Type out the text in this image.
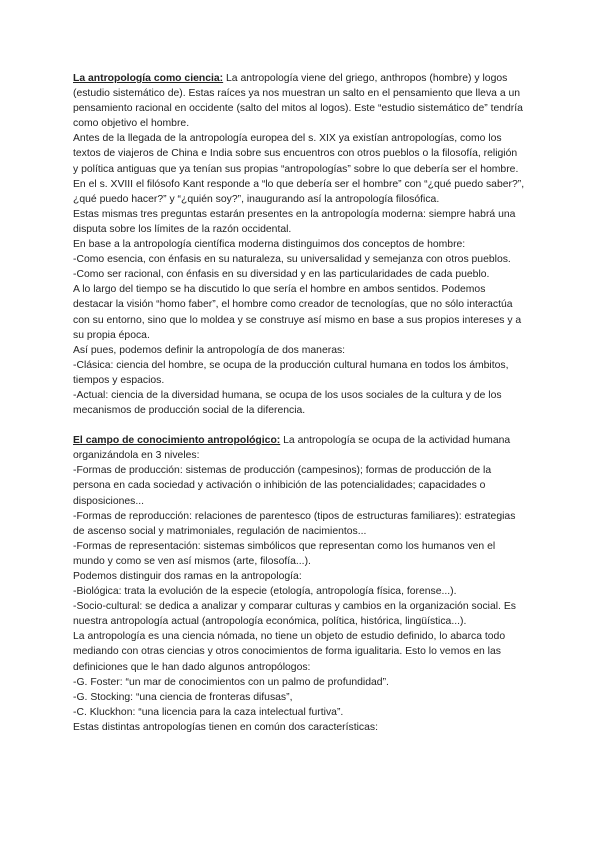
La antropología como ciencia: La antropología viene del griego, anthropos (hombre) y logos (estudio sistemático de). Estas raíces ya nos muestran un salto en el pensamiento que lleva a un pensamiento racional en occidente (salto del mitos al logos). Este “estudio sistemático de” tendría como objetivo el hombre.

Antes de la llegada de la antropología europea del s. XIX ya existían antropologías, como los textos de viajeros de China e India sobre sus encuentros con otros pueblos o la filosofía, religión y política antiguas que ya tenían sus propias “antropologías” sobre lo que debería ser el hombre.

En el s. XVIII el filósofo Kant responde a “lo que debería ser el hombre” con “¿qué puedo saber?”, ¿qué puedo hacer?” y “¿quién soy?”, inaugurando así la antropología filosófica.

Estas mismas tres preguntas estarán presentes en la antropología moderna: siempre habrá una disputa sobre los límites de la razón occidental.

En base a la antropología científica moderna distinguimos dos conceptos de hombre:

-Como esencia, con énfasis en su naturaleza, su universalidad y semejanza con otros pueblos.

-Como ser racional, con énfasis en su diversidad y en las particularidades de cada pueblo.

A lo largo del tiempo se ha discutido lo que sería el hombre en ambos sentidos. Podemos destacar la visión “homo faber”, el hombre como creador de tecnologías, que no sólo interactúa con su entorno, sino que lo moldea y se construye así mismo en base a sus propios intereses y a su propia época.

Así pues, podemos definir la antropología de dos maneras:

-Clásica: ciencia del hombre, se ocupa de la producción cultural humana en todos los ámbitos, tiempos y espacios.

-Actual: ciencia de la diversidad humana, se ocupa de los usos sociales de la cultura y de los mecanismos de producción social de la diferencia.

El campo de conocimiento antropológico: La antropología se ocupa de la actividad humana organizándola en 3 niveles:

-Formas de producción: sistemas de producción (campesinos); formas de producción de la persona en cada sociedad y activación o inhibición de las potencialidades; capacidades o disposiciones...

-Formas de reproducción: relaciones de parentesco (tipos de estructuras familiares): estrategias de ascenso social y matrimoniales, regulación de nacimientos...

-Formas de representación: sistemas simbólicos que representan como los humanos ven el mundo y como se ven así mismos (arte, filosofía...).

Podemos distinguir dos ramas en la antropología:

-Biológica: trata la evolución de la especie (etología, antropología física, forense...).

-Socio-cultural: se dedica a analizar y comparar culturas y cambios en la organización social. Es nuestra antropología actual (antropología económica, política, histórica, lingüística...).

La antropología es una ciencia nómada, no tiene un objeto de estudio definido, lo abarca todo mediando con otras ciencias y otros conocimientos de forma igualitaria. Esto lo vemos en las definiciones que le han dado algunos antropólogos:

-G. Foster: “un mar de conocimientos con un palmo de profundidad”.

-G. Stocking: “una ciencia de fronteras difusas”,

-C. Kluckhon: “una licencia para la caza intelectual furtiva”.

Estas distintas antropologías tienen en común dos características:
